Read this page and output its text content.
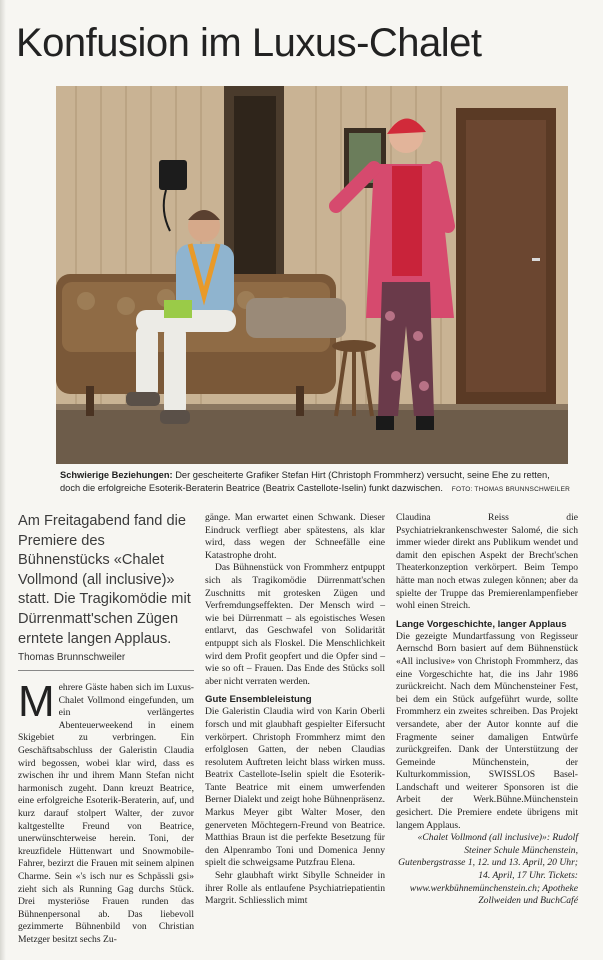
Konfusion im Luxus-Chalet
Schwierige Beziehungen: Der gescheiterte Grafiker Stefan Hirt (Christoph Frommherz) versucht, seine Ehe zu retten, doch die erfolgreiche Esoterik-Beraterin Beatrice (Beatrix Castellote-Iselin) funkt dazwischen. FOTO: THOMAS BRUNNSCHWEILER
Am Freitagabend fand die Premiere des Bühnenstücks «Chalet Vollmond (all inclusive)» statt. Die Tragikomödie mit Dürrenmatt'schen Zügen erntete langen Applaus.
Thomas Brunnschweiler

Mehrere Gäste haben sich im Luxus-Chalet Vollmond eingefunden, um ein verlängertes Abenteuerweekend in einem Skigebiet zu verbringen. Ein Geschäftsabschluss der Galeristin Claudia wird begossen, wobei klar wird, dass es zwischen ihr und ihrem Mann Stefan nicht harmonisch zugeht. Dann kreuzt Beatrice, eine erfolgreiche Esoterik-Beraterin, auf, und kurz darauf stolpert Walter, der zuvor kaltgestellte Freund von Beatrice, unerwünschterweise herein. Toni, der kreuzfidele Hüttenwart und Snowmobile-Fahrer, bezirzt die Frauen mit seinem alpinen Charme. Sein «'s isch nur es Schpässli gsi» zieht sich als Running Gag durchs Stück. Drei mysteriöse Frauen runden das Bühnenpersonal ab. Das liebevoll gezimmerte Bühnenbild von Christian Metzger besitzt sechs Zu-

gänge. Man erwartet einen Schwank. Dieser Eindruck verfliegt aber spätestens, als klar wird, dass wegen der Schneefälle eine Katastrophe droht.

Das Bühnenstück von Frommherz entpuppt sich als Tragikomödie Dürrenmatt'schen Zuschnitts mit grotesken Zügen und Verfremdungseffekten. Der Mensch wird – wie bei Dürrenmatt – als egoistisches Wesen entlarvt, das Geschwafel von Solidarität entpuppt sich als Floskel. Die Menschlichkeit wird dem Profit geopfert und die Opfer sind – wie so oft – Frauen. Das Ende des Stücks soll aber nicht verraten werden.

Gute Ensembleleistung

Die Galeristin Claudia wird von Karin Oberli forsch und mit glaubhaft gespielter Eifersucht verkörpert. Christoph Frommherz mimt den erfolglosen Gatten, der neben Claudias resolutem Auftreten leicht blass wirken muss. Beatrix Castellote-Iselin spielt die Esoterik-Tante Beatrice mit einem umwerfenden Berner Dialekt und zeigt hohe Bühnenpräsenz. Markus Meyer gibt Walter Moser, den generveten Möchtegern-Freund von Beatrice. Matthias Braun ist die perfekte Besetzung für den Alpenrambo Toni und Domenica Jenny spielt die schweigsame Putzfrau Elena.

Sehr glaubhaft wirkt Sibylle Schneider in ihrer Rolle als entlaufene Psychiatriepatientin Margrit. Schliesslich mimt

Claudina Reiss die Psychiatriekrankenschwester Salomé, die sich immer wieder direkt ans Publikum wendet und damit den epischen Aspekt der Brecht'schen Theaterkonzeption verkörpert. Beim Tempo hätte man noch etwas zulegen können; aber da spielte der Truppe das Premierenlampenfieber wohl einen Streich.

Lange Vorgeschichte, langer Applaus

Die gezeigte Mundartfassung von Regisseur Aernschd Born basiert auf dem Bühnenstück «All inclusive» von Christoph Frommherz, das eine Vorgeschichte hat, die ins Jahr 1986 zurückreicht. Nach dem Münchensteiner Fest, bei dem ein Stück aufgeführt wurde, sollte Frommherz ein zweites schreiben. Das Projekt versandete, aber der Autor konnte auf die Fragmente seiner damaligen Entwürfe zurückgreifen. Dank der Unterstützung der Gemeinde Münchenstein, der Kulturkommission, SWISSLOS Basel-Landschaft und weiterer Sponsoren ist die Arbeit der Werk.Bühne.Münchenstein gesichert. Die Premiere endete übrigens mit langem Applaus.

«Chalet Vollmond (all inclusive)»: Rudolf Steiner Schule Münchenstein, Gutenbergstrasse 1, 12. und 13. April, 20 Uhr; 14. April, 17 Uhr. Tickets: www.werkbühnemünchenstein.ch; Apotheke Zollweiden und BuchCafé
